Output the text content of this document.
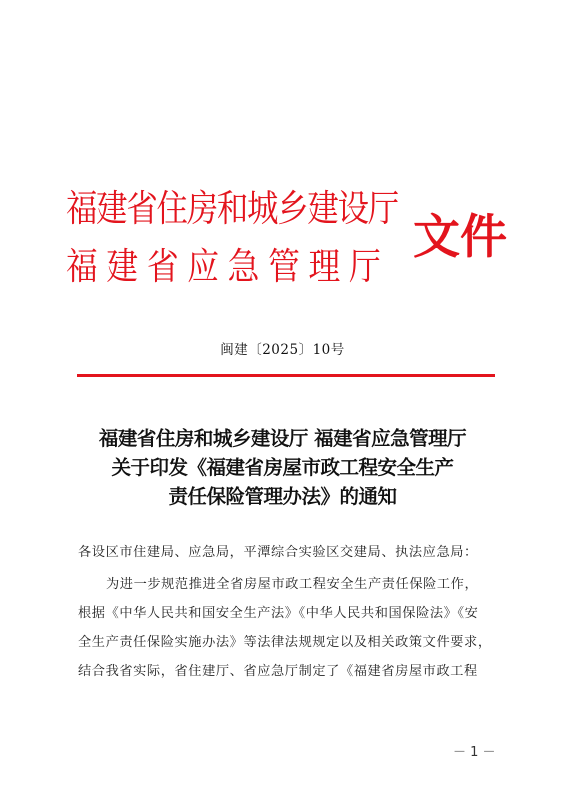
福建省住房和城乡建设厅
福建省应急管理厅
文件
闽建〔2025〕10号
福建省住房和城乡建设厅 福建省应急管理厅
关于印发《福建省房屋市政工程安全生产
责任保险管理办法》的通知
各设区市住建局、应急局，平潭综合实验区交建局、执法应急局：
为进一步规范推进全省房屋市政工程安全生产责任保险工作，
根据《中华人民共和国安全生产法》《中华人民共和国保险法》《安
全生产责任保险实施办法》等法律法规规定以及相关政策文件要求，
结合我省实际，省住建厅、省应急厅制定了《福建省房屋市政工程
－ 1 －
